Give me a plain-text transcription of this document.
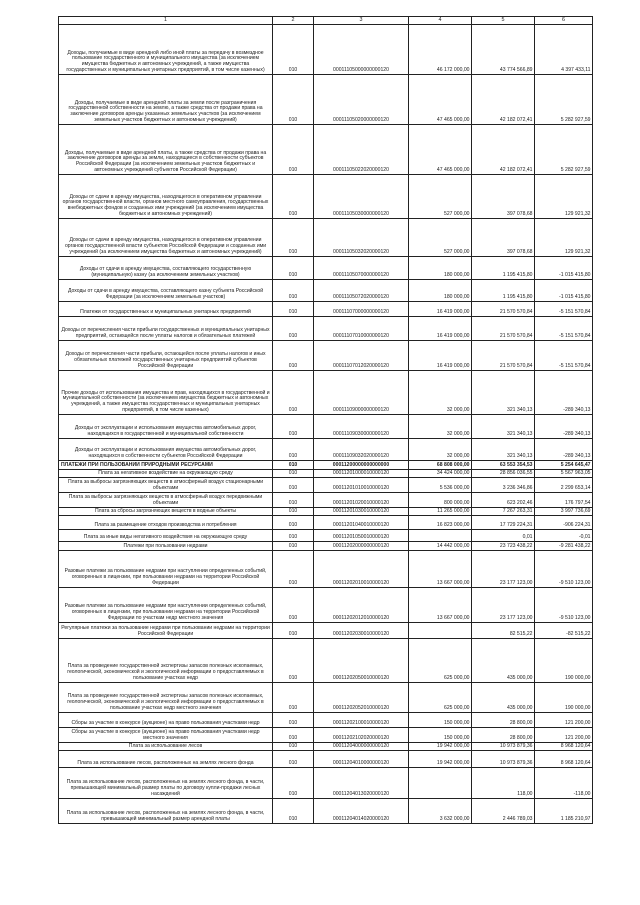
1	2	3	4	5	6
Доходы, получаемые в виде арендной либо иной платы за передачу в возмездное пользование государственного и муниципального имущества (за исключением имущества бюджетных и автономных учреждений, а также имущества государственных и муниципальных унитарных предприятий, в том числе казенных)	010	00011105000000000120	46 172 000,00	43 774 566,89	4 397 433,11
Доходы, получаемые в виде арендной платы за земли после разграничения государственной собственности на землю, а также средства от продажи права на заключение договоров аренды указанных земельных участков (за исключением земельных участков бюджетных и автономных учреждений)	010	00011105020000000120	47 465 000,00	42 182 072,41	5 282 927,59
Доходы, получаемые в виде арендной платы, а также средства от продажи права на заключение договоров аренды за земли, находящиеся в собственности субъектов Российской Федерации (за исключением земельных участков бюджетных и автономных учреждений субъектов Российской Федерации)	010	00011105022020000120	47 465 000,00	42 182 072,41	5 282 927,59
Доходы от сдачи в аренду имущества, находящегося в оперативном управлении органов государственной власти, органов местного самоуправления, государственных внебюджетных фондов и созданных ими учреждений (за исключением имущества бюджетных и автономных учреждений)	010	00011105030000000120	527 000,00	397 078,68	129 921,32
Доходы от сдачи в аренду имущества, находящегося в оперативном управлении органов государственной власти субъектов Российской Федерации и созданных ими учреждений (за исключением имущества бюджетных и автономных учреждений)	010	00011105032020000120	527 000,00	397 078,68	129 921,32
Доходы от сдачи в аренду имущества, составляющего государственную (муниципальную) казну (за исключением земельных участков)	010	00011105070000000120	180 000,00	1 195 415,80	-1 015 415,80
Доходы от сдачи в аренду имущества, составляющего казну субъекта Российской Федерации (за исключением земельных участков)	010	00011105072020000120	180 000,00	1 195 415,80	-1 015 415,80
Платежи от государственных и муниципальных унитарных предприятий	010	00011107000000000120	16 419 000,00	21 570 570,84	-5 151 570,84
Доходы от перечисления части прибыли государственных и муниципальных унитарных предприятий, остающейся после уплаты налогов и обязательных платежей	010	00011107010000000120	16 419 000,00	21 570 570,84	-5 151 570,84
Доходы от перечисления части прибыли, остающейся после уплаты налогов и иных обязательных платежей государственных унитарных предприятий субъектов Российской Федерации	010	00011107012020000120	16 419 000,00	21 570 570,84	-5 151 570,84
Прочие доходы от использования имущества и прав, находящихся в государственной и муниципальной собственности (за исключением имущества бюджетных и автономных учреждений, а также имущества государственных и муниципальных унитарных предприятий, в том числе казенных)	010	00011109000000000120	32 000,00	321 340,13	-289 340,13
Доходы от эксплуатации и использования имущества автомобильных дорог, находящихся в государственной и муниципальной собственности	010	00011109030000000120	32 000,00	321 340,13	-289 340,13
Доходы от эксплуатации и использования имущества автомобильных дорог, находящихся в собственности субъектов Российской Федерации	010	00011109032020000120	32 000,00	321 340,13	-289 340,13
ПЛАТЕЖИ ПРИ ПОЛЬЗОВАНИИ ПРИРОДНЫМИ РЕСУРСАМИ	010	00011200000000000000	68 808 000,00	63 553 354,53	5 254 645,47
Плата за негативное воздействие на окружающую среду	010	00011201000010000120	34 424 000,00	28 856 036,55	5 567 963,05
Плата за выбросы загрязняющих веществ в атмосферный воздух стационарными объектами	010	00011201010010000120	5 536 000,00	3 236 346,86	2 299 653,14
Плата за выбросы загрязняющих веществ в атмосферный воздух передвижными объектами	010	00011201020010000120	800 000,00	623 202,46	176 797,54
Плата за сбросы загрязняющих веществ в водные объекты	010	00011201030010000120	11 265 000,00	7 267 263,31	3 997 736,69
Плата за размещение отходов производства и потребления	010	00011201040010000120	16 823 000,00	17 729 224,31	-906 224,31
Плата за иные виды негативного воздействия на окружающую среду	010	00011201050010000120		0,01	-0,01
Платежи при пользовании недрами	010	00011202000000000120	14 442 000,00	23 723 438,22	-9 281 438,22
Разовые платежи за пользование недрами при наступлении определенных событий, оговоренных в лицензии, при пользовании недрами на территории Российской Федерации	010	00011202010010000120	13 667 000,00	23 177 123,00	-9 510 123,00
Разовые платежи за пользование недрами при наступлении определенных событий, оговоренных в лицензии, при пользовании недрами на территории Российской Федерации по участкам недр местного значения	010	00011202012010000120	13 667 000,00	23 177 123,00	-9 510 123,00
Регулярные платежи за пользование недрами при пользовании недрами на территории Российской Федерации	010	00011202030010000120		82 515,22	-82 515,22
Плата за проведение государственной экспертизы запасов полезных ископаемых, геологической, экономической и экологической информации о предоставляемых в пользование участках недр	010	00011202050010000120	625 000,00	435 000,00	190 000,00
Плата за проведение государственной экспертизы запасов полезных ископаемых, геологической, экономической и экологической информации о предоставляемых в пользование участках недр местного значения	010	00011202052010000120	625 000,00	435 000,00	190 000,00
Сборы за участие в конкурсе (аукционе) на право пользования участками недр	010	00011202100010000120	150 000,00	28 800,00	121 200,00
Сборы за участие в конкурсе (аукционе) на право пользования участками недр местного значения	010	00011202102020000120	150 000,00	28 800,00	121 200,00
Плата за использование лесов	010	00011204000000000120	19 942 000,00	10 973 879,36	8 968 120,64
Плата за использование лесов, расположенных на землях лесного фонда	010	00011204010000000120	19 942 000,00	10 973 879,36	8 968 120,64
Плата за использование лесов, расположенных на землях лесного фонда, в части, превышающей минимальный размер платы по договору купли-продажи лесных насаждений	010	00011204013020000120		118,00	-118,00
Плата за использование лесов, расположенных на землях лесного фонда, в части, превышающей минимальный размер арендной платы	010	00011204014020000120	3 632 000,00	2 446 789,03	1 185 210,97
